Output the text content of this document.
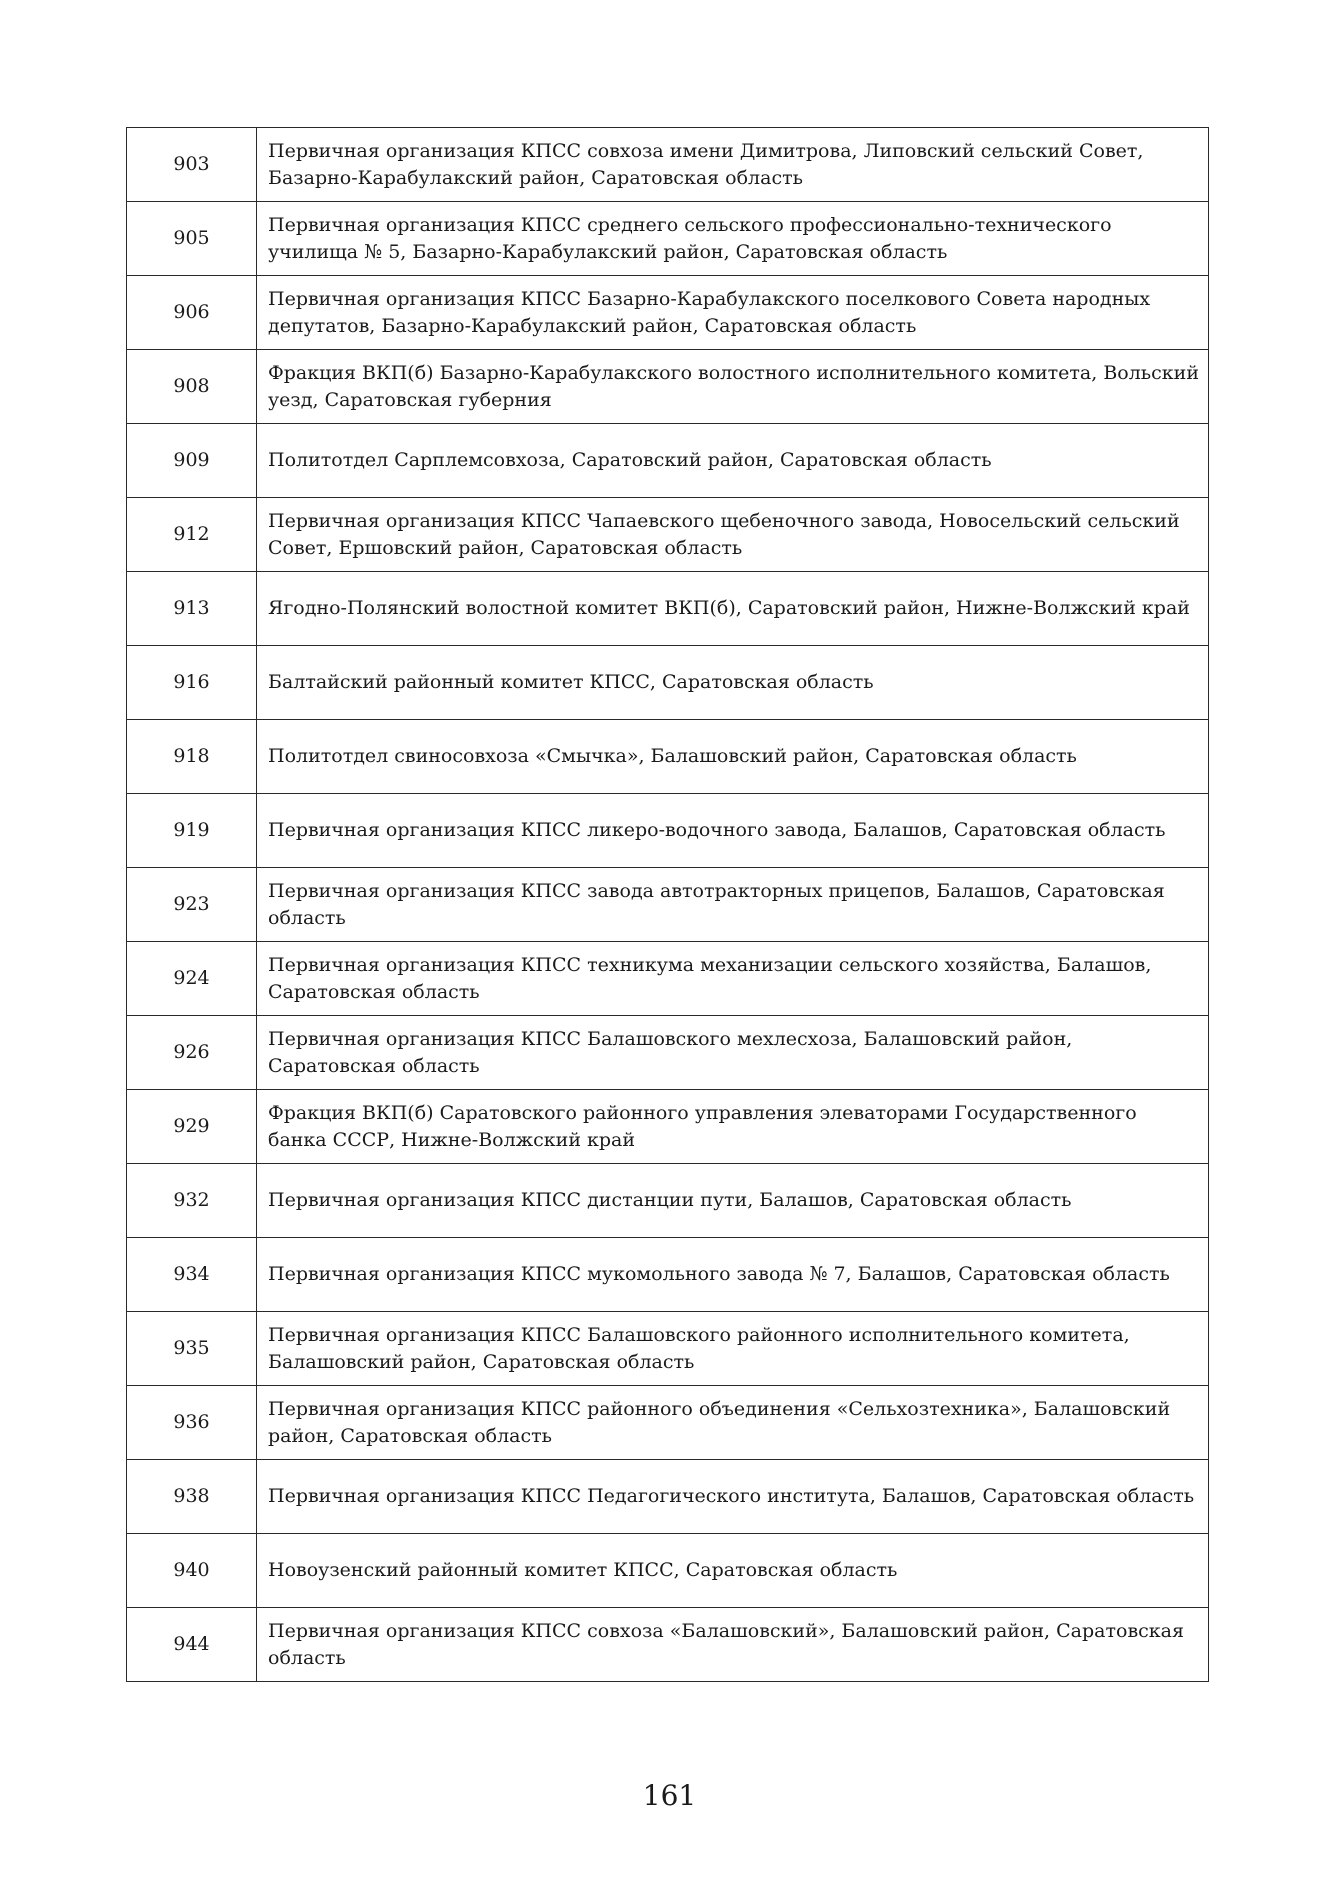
903	Первичная организация КПСС совхоза имени Димитрова, Липовский сельский Совет, Базарно-Карабулакский район, Саратовская область
905	Первичная организация КПСС среднего сельского профессионально-технического училища № 5, Базарно-Карабулакский район, Саратовская область
906	Первичная организация КПСС Базарно-Карабулакского поселкового Совета народных депутатов, Базарно-Карабулакский район, Саратовская область
908	Фракция ВКП(б) Базарно-Карабулакского волостного исполнительного комитета, Вольский уезд, Саратовская губерния
909	Политотдел Сарплемсовхоза, Саратовский район, Саратовская область
912	Первичная организация КПСС Чапаевского щебеночного завода, Новосельский сельский Совет, Ершовский район, Саратовская область
913	Ягодно-Полянский волостной комитет ВКП(б), Саратовский район, Нижне-Волжский край
916	Балтайский районный комитет КПСС, Саратовская область
918	Политотдел свиносовхоза «Смычка», Балашовский район, Саратовская область
919	Первичная организация КПСС ликеро-водочного завода, Балашов, Саратовская область
923	Первичная организация КПСС завода автотракторных прицепов, Балашов, Саратовская область
924	Первичная организация КПСС техникума механизации сельского хозяйства, Балашов, Саратовская область
926	Первичная организация КПСС Балашовского мехлесхоза, Балашовский район, Саратовская область
929	Фракция ВКП(б) Саратовского районного управления элеваторами Государственного банка СССР, Нижне-Волжский край
932	Первичная организация КПСС дистанции пути, Балашов, Саратовская область
934	Первичная организация КПСС мукомольного завода № 7, Балашов, Саратовская область
935	Первичная организация КПСС Балашовского районного исполнительного комитета, Балашовский район, Саратовская область
936	Первичная организация КПСС районного объединения «Сельхозтехника», Балашовский район, Саратовская область
938	Первичная организация КПСС Педагогического института, Балашов, Саратовская область
940	Новоузенский районный комитет КПСС, Саратовская область
944	Первичная организация КПСС совхоза «Балашовский», Балашовский район, Саратовская область
161
